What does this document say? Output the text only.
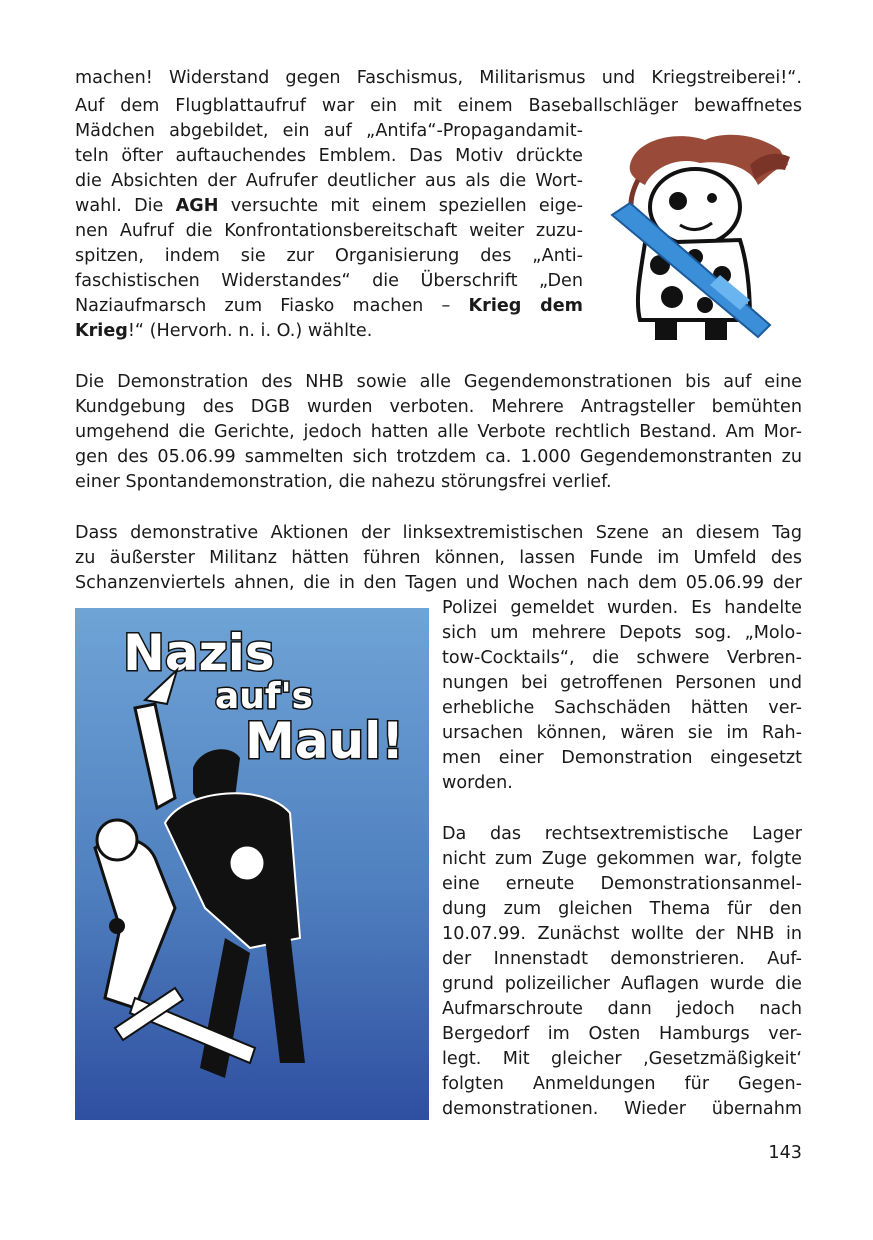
machen! Widerstand gegen Faschismus, Militarismus und Kriegstreiberei!“.
Auf dem Flugblattaufruf war ein mit einem Baseballschläger bewaffnetes
Mädchen abgebildet, ein auf „Antifa“-Propagandamit-
teln öfter auftauchendes Emblem. Das Motiv drückte
die Absichten der Aufrufer deutlicher aus als die Wort-
wahl. Die AGH versuchte mit einem speziellen eige-
nen Aufruf die Konfrontationsbereitschaft weiter zuzu-
spitzen, indem sie zur Organisierung des „Anti-
faschistischen Widerstandes“ die Überschrift „Den
Naziaufmarsch zum Fiasko machen – Krieg dem
Krieg!“ (Hervorh. n. i. O.) wählte.
Die Demonstration des NHB sowie alle Gegendemonstrationen bis auf eine
Kundgebung des DGB wurden verboten. Mehrere Antragsteller bemühten
umgehend die Gerichte, jedoch hatten alle Verbote rechtlich Bestand. Am Mor-
gen des 05.06.99 sammelten sich trotzdem ca. 1.000 Gegendemonstranten zu
einer Spontandemonstration, die nahezu störungsfrei verlief.
Dass demonstrative Aktionen der linksextremistischen Szene an diesem Tag
zu äußerster Militanz hätten führen können, lassen Funde im Umfeld des
Schanzenviertels ahnen, die in den Tagen und Wochen nach dem 05.06.99 der
Polizei gemeldet wurden. Es handelte
sich um mehrere Depots sog. „Molo-
tow-Cocktails“, die schwere Verbren-
nungen bei getroffenen Personen und
erhebliche Sachschäden hätten ver-
ursachen können, wären sie im Rah-
men einer Demonstration eingesetzt
worden.
Da das rechtsextremistische Lager
nicht zum Zuge gekommen war, folgte
eine erneute Demonstrationsanmel-
dung zum gleichen Thema für den
10.07.99. Zunächst wollte der NHB in
der Innenstadt demonstrieren. Auf-
grund polizeilicher Auflagen wurde die
Aufmarschroute dann jedoch nach
Bergedorf im Osten Hamburgs ver-
legt. Mit gleicher ‚Gesetzmäßigkeit‘
folgten Anmeldungen für Gegen-
demonstrationen. Wieder übernahm
Nazis
auf's
Maul!
143
